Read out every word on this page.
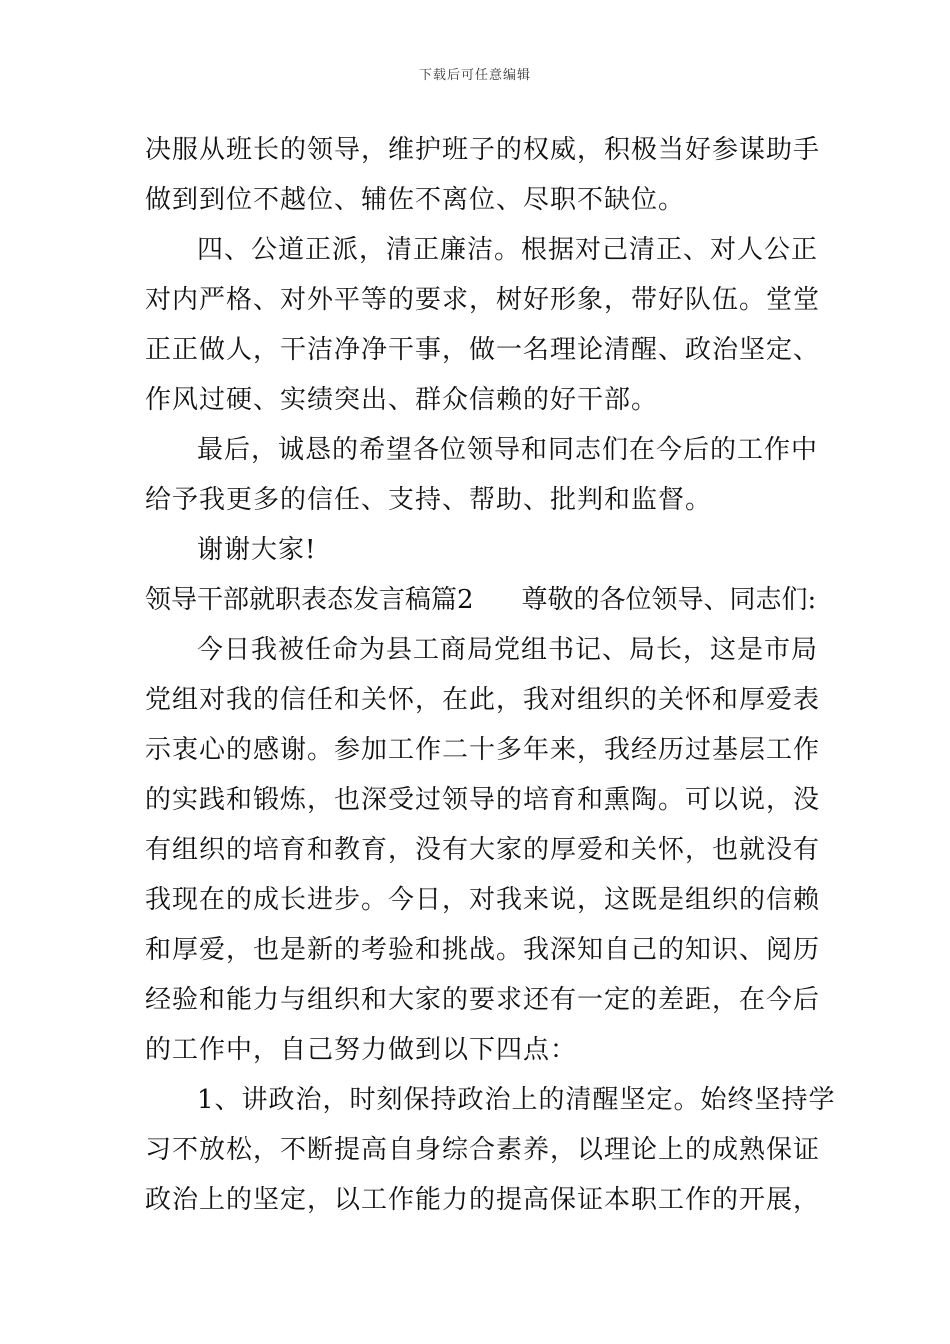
下载后可任意编辑
决服从班长的领导，维护班子的权威，积极当好参谋助手
做到到位不越位、辅佐不离位、尽职不缺位。
四、公道正派，清正廉洁。根据对己清正、对人公正
对内严格、对外平等的要求，树好形象，带好队伍。堂堂
正正做人，干洁净净干事，做一名理论清醒、政治坚定、
作风过硬、实绩突出、群众信赖的好干部。
最后，诚恳的希望各位领导和同志们在今后的工作中
给予我更多的信任、支持、帮助、批判和监督。
谢谢大家!
领导干部就职表态发言稿篇2 尊敬的各位领导、同志们:
今日我被任命为县工商局党组书记、局长，这是市局
党组对我的信任和关怀，在此，我对组织的关怀和厚爱表
示衷心的感谢。参加工作二十多年来，我经历过基层工作
的实践和锻炼，也深受过领导的培育和熏陶。可以说，没
有组织的培育和教育，没有大家的厚爱和关怀，也就没有
我现在的成长进步。今日，对我来说，这既是组织的信赖
和厚爱，也是新的考验和挑战。我深知自己的知识、阅历
经验和能力与组织和大家的要求还有一定的差距，在今后
的工作中，自己努力做到以下四点：
1、讲政治，时刻保持政治上的清醒坚定。始终坚持学
习不放松，不断提高自身综合素养，以理论上的成熟保证
政治上的坚定，以工作能力的提高保证本职工作的开展，
